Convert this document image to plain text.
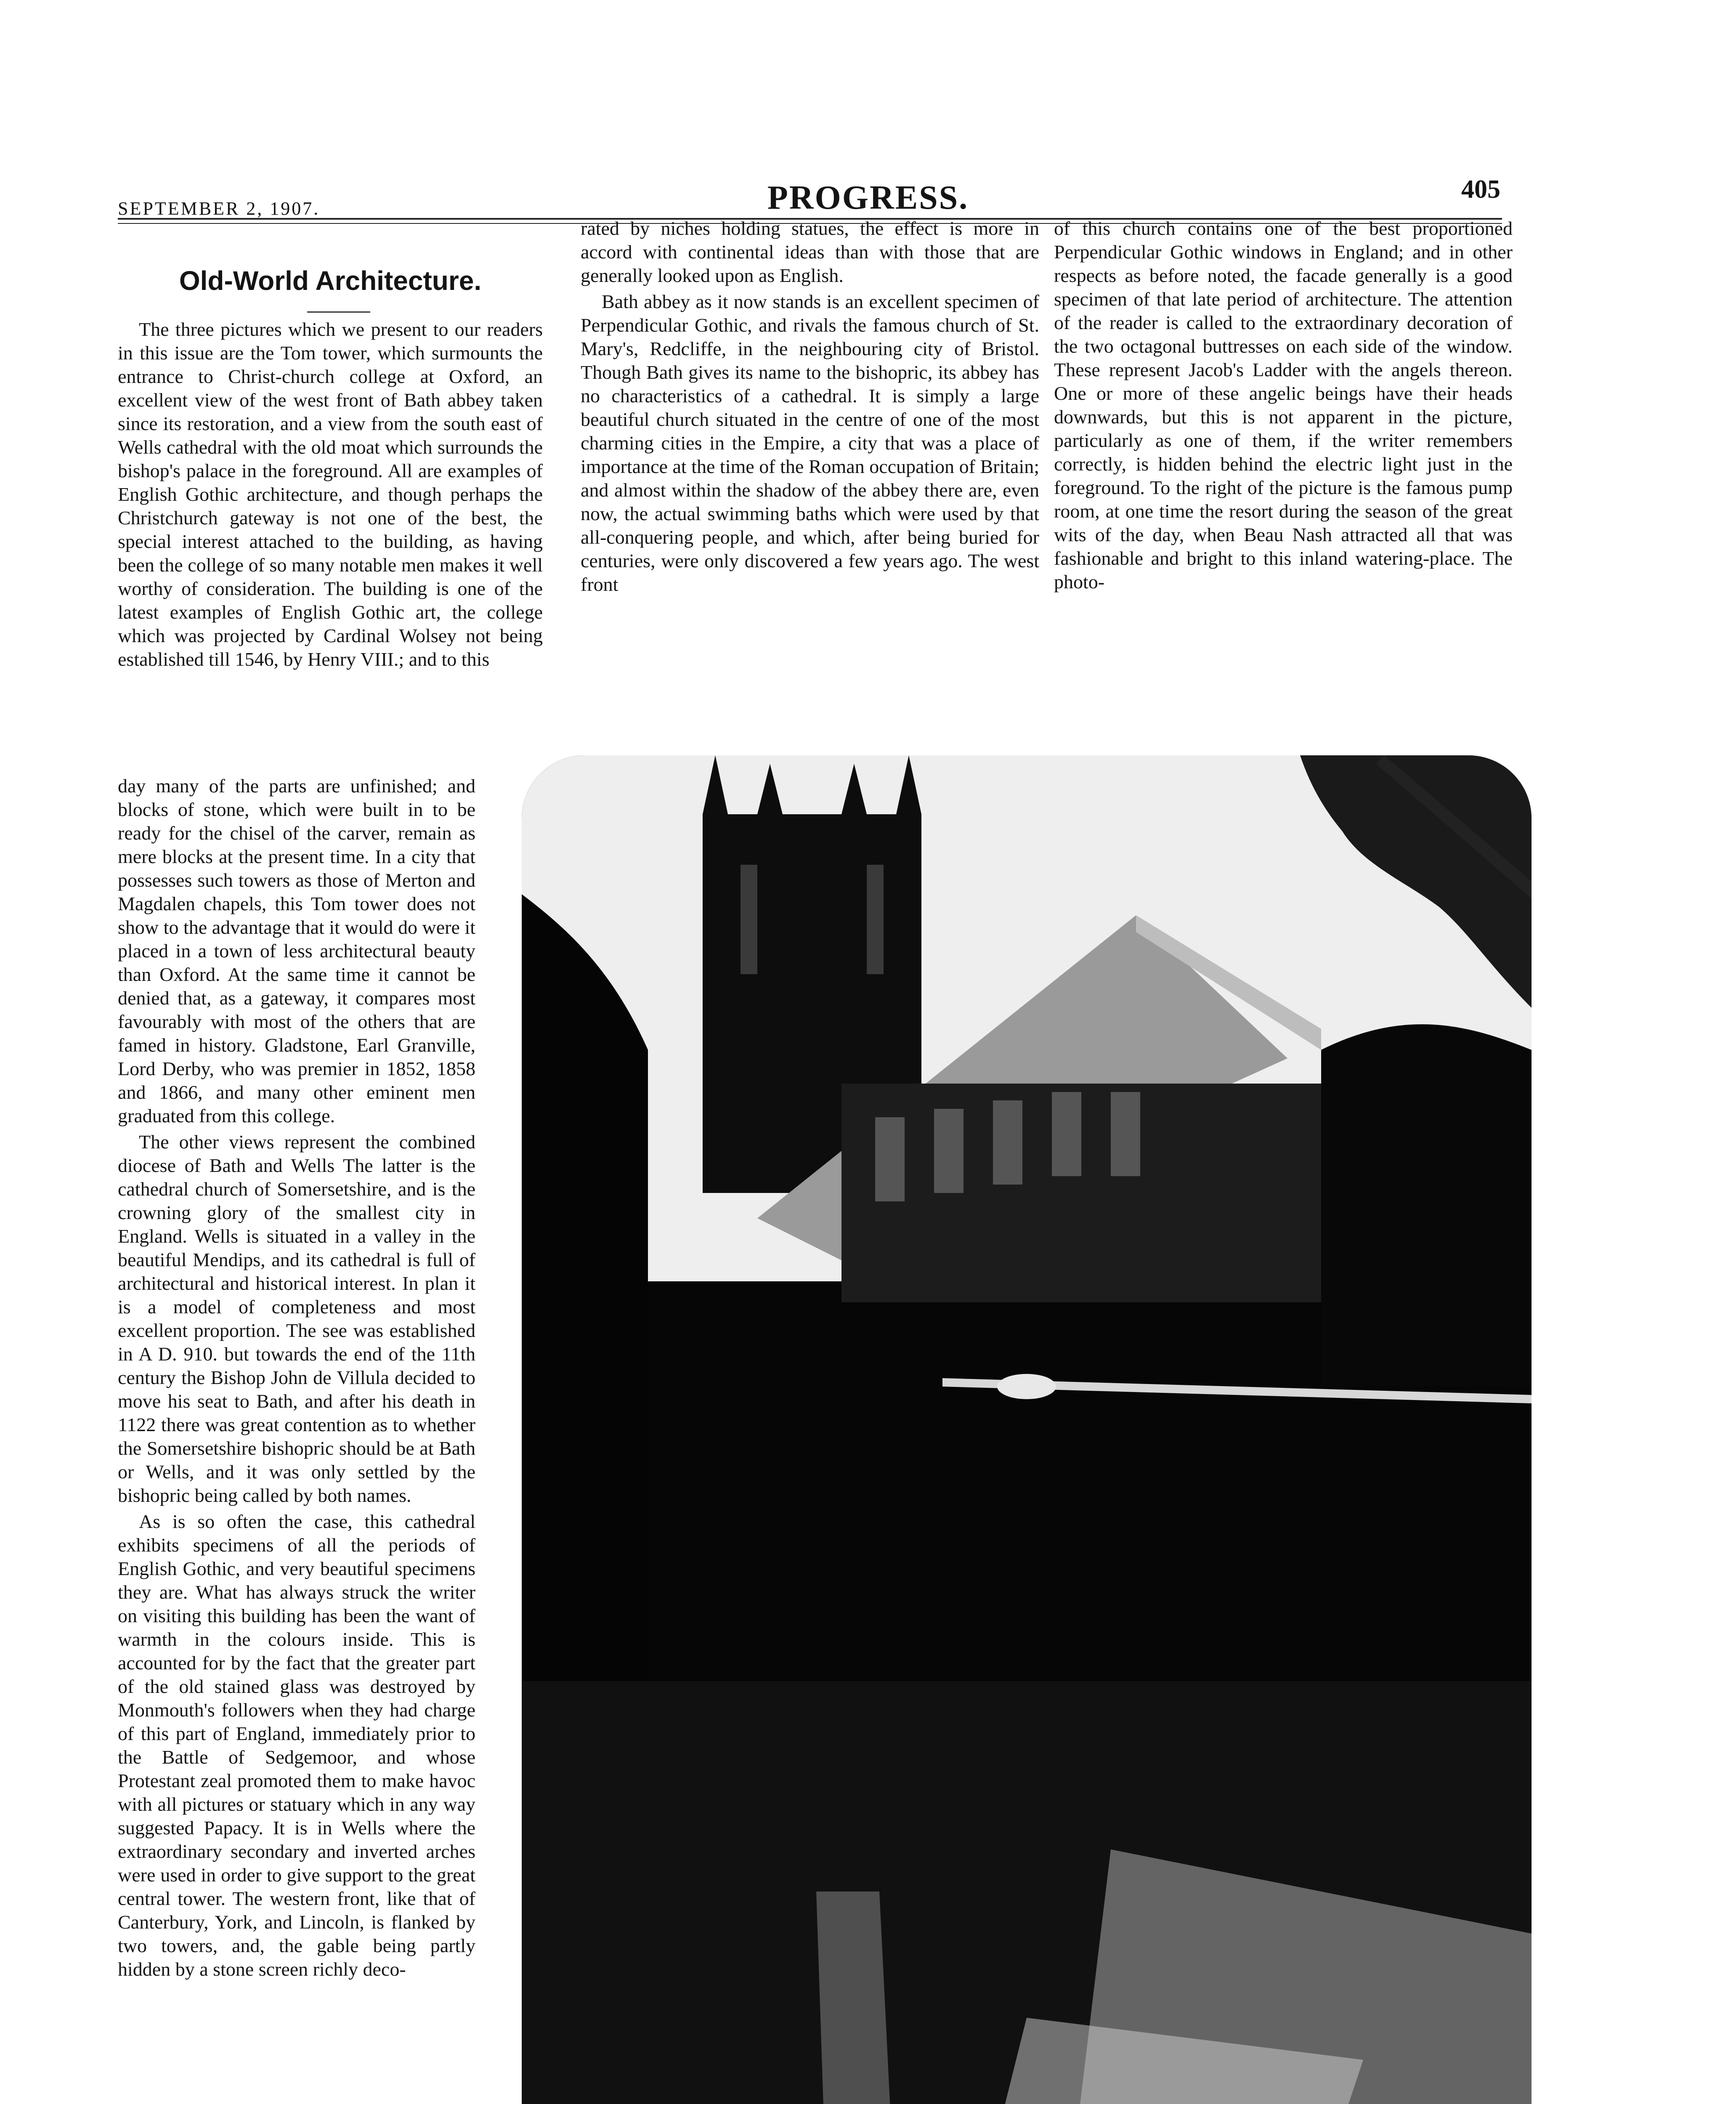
SEPTEMBER 2, 1907.	PROGRESS.	405
Old-World Architecture.

The three pictures which we present to our readers in this issue are the Tom tower, which surmounts the entrance to Christ-church college at Oxford, an excellent view of the west front of Bath abbey taken since its restoration, and a view from the south east of Wells cathedral with the old moat which surrounds the bishop's palace in the foreground. All are examples of English Gothic architecture, and though perhaps the Christchurch gateway is not one of the best, the special interest attached to the building, as having been the college of so many notable men makes it well worthy of consideration. The building is one of the latest examples of English Gothic art, the college which was projected by Cardinal Wolsey not being established till 1546, by Henry VIII.; and to this

day many of the parts are unfinished; and blocks of stone, which were built in to be ready for the chisel of the carver, remain as mere blocks at the present time. In a city that possesses such towers as those of Merton and Magdalen chapels, this Tom tower does not show to the advantage that it would do were it placed in a town of less architectural beauty than Oxford. At the same time it cannot be denied that, as a gateway, it compares most favourably with most of the others that are famed in history. Gladstone, Earl Granville, Lord Derby, who was premier in 1852, 1858 and 1866, and many other eminent men graduated from this college.

The other views represent the combined diocese of Bath and Wells The latter is the cathedral church of Somersetshire, and is the crowning glory of the smallest city in England. Wells is situated in a valley in the beautiful Mendips, and its cathedral is full of architectural and historical interest. In plan it is a model of completeness and most excellent proportion. The see was established in A D. 910. but towards the end of the 11th century the Bishop John de Villula decided to move his seat to Bath, and after his death in 1122 there was great contention as to whether the Somersetshire bishopric should be at Bath or Wells, and it was only settled by the bishopric being called by both names.

As is so often the case, this cathedral exhibits specimens of all the periods of English Gothic, and very beautiful specimens they are. What has always struck the writer on visiting this building has been the want of warmth in the colours inside. This is accounted for by the fact that the greater part of the old stained glass was destroyed by Monmouth's followers when they had charge of this part of England, immediately prior to the Battle of Sedgemoor, and whose Protestant zeal promoted them to make havoc with all pictures or statuary which in any way suggested Papacy. It is in Wells where the extraordinary secondary and inverted arches were used in order to give support to the great central tower. The western front, like that of Canterbury, York, and Lincoln, is flanked by two towers, and, the gable being partly hidden by a stone screen richly deco-

rated by niches holding statues, the effect is more in accord with continental ideas than with those that are generally looked upon as English.

Bath abbey as it now stands is an excellent specimen of Perpendicular Gothic, and rivals the famous church of St. Mary's, Redcliffe, in the neighbouring city of Bristol. Though Bath gives its name to the bishopric, its abbey has no characteristics of a cathedral. It is simply a large beautiful church situated in the centre of one of the most charming cities in the Empire, a city that was a place of importance at the time of the Roman occupation of Britain; and almost within the shadow of the abbey there are, even now, the actual swimming baths which were used by that all-conquering people, and which, after being buried for centuries, were only discovered a few years ago. The west front

of this church contains one of the best proportioned Perpendicular Gothic windows in England; and in other respects as before noted, the facade generally is a good specimen of that late period of architecture. The attention of the reader is called to the extraordinary decoration of the two octagonal buttresses on each side of the window. These represent Jacob's Ladder with the angels thereon. One or more of these angelic beings have their heads downwards, but this is not apparent in the picture, particularly as one of them, if the writer remembers correctly, is hidden behind the electric light just in the foreground. To the right of the picture is the famous pump room, at one time the resort during the season of the great wits of the day, when Beau Nash attracted all that was fashionable and bright to this inland watering-place. The photo-
